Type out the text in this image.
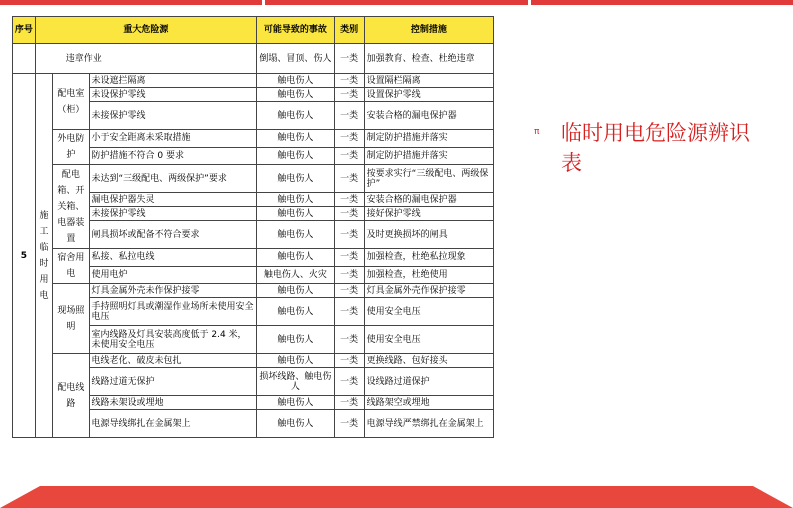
序号	重大危险源			可能导致的事故	类别	控制措施
	违章作业			倒塌、冒顶、伤人	一类	加强教育、检查、杜绝违章
5	施工临时用电	配电室（柜）	未设遮拦隔离	触电伤人	一类	设置隔栏隔离
			未设保护零线	触电伤人	一类	设置保护零线
			未接保护零线	触电伤人	一类	安装合格的漏电保护器
		外电防护	小于安全距离未采取措施	触电伤人	一类	制定防护措施并落实
			防护措施不符合 0 要求	触电伤人	一类	制定防护措施并落实
		配电箱、开关箱、电器装置	未达到“三级配电、两级保护”要求	触电伤人	一类	按要求实行“三级配电、两级保护”
			漏电保护器失灵	触电伤人	一类	安装合格的漏电保护器
			未接保护零线	触电伤人	一类	接好保护零线
			闸具损坏或配备不符合要求	触电伤人	一类	及时更换损坏的闸具
		宿舍用电	私接、私拉电线	触电伤人	一类	加强检查，杜绝私拉现象
			使用电炉	触电伤人、火灾	一类	加强检查，杜绝使用
		现场照明	灯具金属外壳未作保护接零	触电伤人	一类	灯具金属外壳作保护接零
			手持照明灯具或潮湿作业场所未使用安全电压	触电伤人	一类	使用安全电压
			室内线路及灯具安装高度低于 2.4 米，未使用安全电压	触电伤人	一类	使用安全电压
		配电线路	电线老化、破皮未包扎	触电伤人	一类	更换线路、包好接头
			线路过道无保护	损坏线路、触电伤人	一类	设线路过道保护
			线路未架设或埋地	触电伤人	一类	线路架空或埋地
			电源导线绑扎在金属架上	触电伤人	一类	电源导线严禁绑扎在金属架上
π 临时用电危险源辨识表
